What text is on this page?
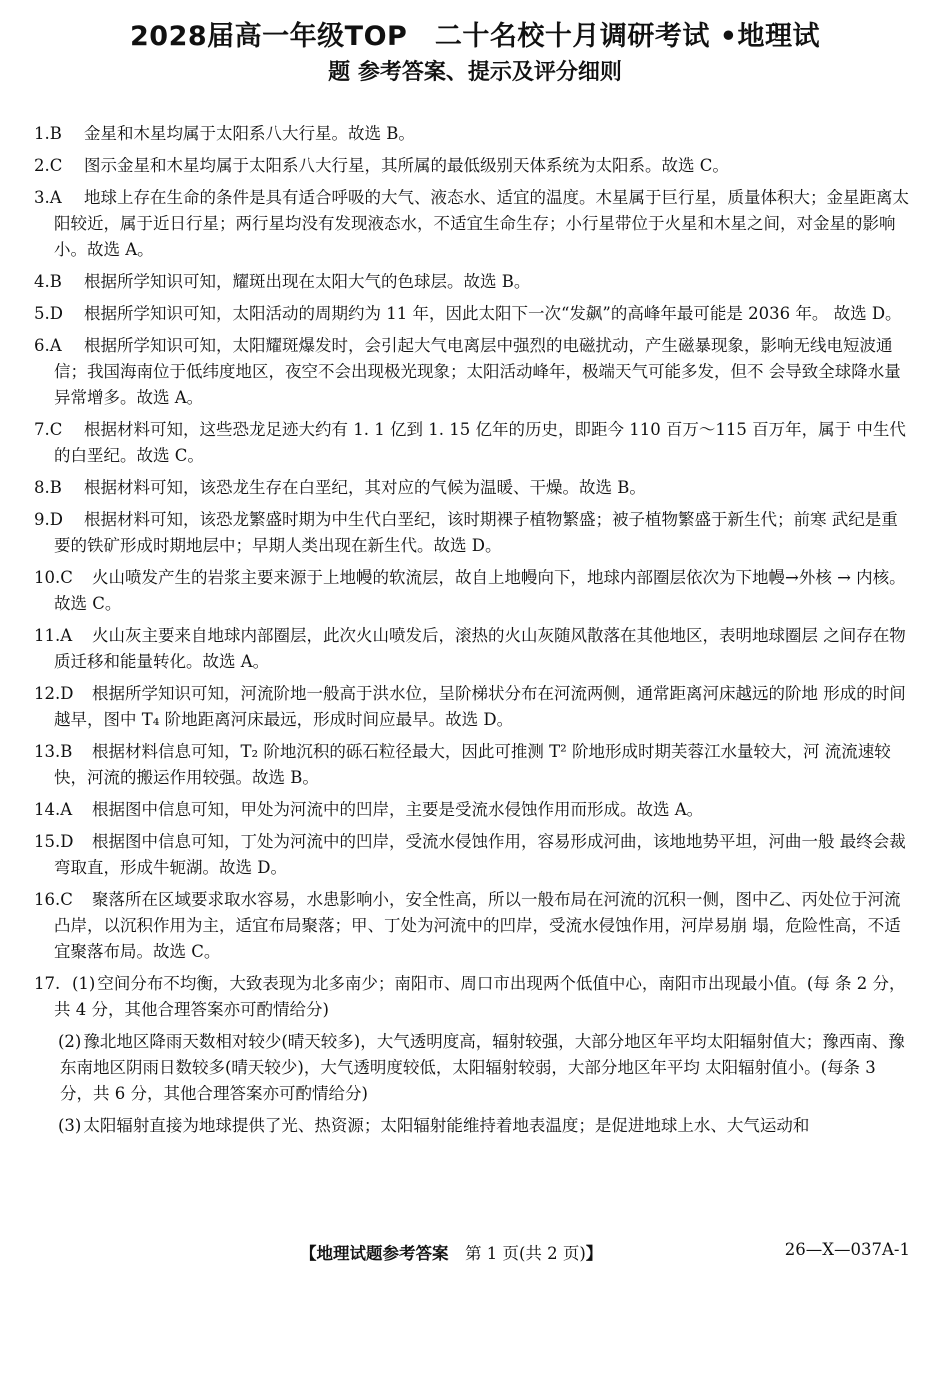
2028届高一年级TOP　二十名校十月调研考试 •地理试
题 参考答案、提示及评分细则
1.B 金星和木星均属于太阳系八大行星。故选 B。
2.C 图示金星和木星均属于太阳系八大行星，其所属的最低级别天体系统为太阳系。故选 C。
3.A 地球上存在生命的条件是具有适合呼吸的大气、液态水、适宜的温度。木星属于巨行星，质量体积大；金星距离太阳较近，属于近日行星；两行星均没有发现液态水，不适宜生命生存；小行星带位于火星和木星之间，对金星的影响小。故选 A。
4.B 根据所学知识可知，耀斑出现在太阳大气的色球层。故选 B。
5.D 根据所学知识可知，太阳活动的周期约为 11 年，因此太阳下一次“发飙”的高峰年最可能是 2036 年。 故选 D。
6.A 根据所学知识可知，太阳耀斑爆发时，会引起大气电离层中强烈的电磁扰动，产生磁暴现象，影响无线电短波通信；我国海南位于低纬度地区，夜空不会出现极光现象；太阳活动峰年，极端天气可能多发，但不 会导致全球降水量异常增多。故选 A。
7.C 根据材料可知，这些恐龙足迹大约有 1. 1 亿到 1. 15 亿年的历史，即距今 110 百万～115 百万年，属于 中生代的白垩纪。故选 C。
8.B 根据材料可知，该恐龙生存在白垩纪，其对应的气候为温暖、干燥。故选 B。
9.D 根据材料可知，该恐龙繁盛时期为中生代白垩纪，该时期裸子植物繁盛；被子植物繁盛于新生代；前寒 武纪是重要的铁矿形成时期地层中；早期人类出现在新生代。故选 D。
10.C 火山喷发产生的岩浆主要来源于上地幔的软流层，故自上地幔向下，地球内部圈层依次为下地幔→外核 → 内核。故选 C。
11.A 火山灰主要来自地球内部圈层，此次火山喷发后，滚热的火山灰随风散落在其他地区，表明地球圈层 之间存在物质迁移和能量转化。故选 A。
12.D 根据所学知识可知，河流阶地一般高于洪水位，呈阶梯状分布在河流两侧，通常距离河床越远的阶地 形成的时间越早，图中 T₄ 阶地距离河床最远，形成时间应最早。故选 D。
13.B 根据材料信息可知，T₂ 阶地沉积的砾石粒径最大，因此可推测 T² 阶地形成时期芙蓉江水量较大，河 流流速较快，河流的搬运作用较强。故选 B。
14.A 根据图中信息可知，甲处为河流中的凹岸，主要是受流水侵蚀作用而形成。故选 A。
15.D 根据图中信息可知，丁处为河流中的凹岸，受流水侵蚀作用，容易形成河曲，该地地势平坦，河曲一般 最终会裁弯取直，形成牛轭湖。故选 D。
16.C 聚落所在区域要求取水容易，水患影响小，安全性高，所以一般布局在河流的沉积一侧，图中乙、丙处位于河流凸岸，以沉积作用为主，适宜布局聚落；甲、丁处为河流中的凹岸，受流水侵蚀作用，河岸易崩 塌，危险性高，不适宜聚落布局。故选 C。
17. (1) 空间分布不均衡，大致表现为北多南少；南阳市、周口市出现两个低值中心，南阳市出现最小值。(每 条 2 分，共 4 分，其他合理答案亦可酌情给分)
(2) 豫北地区降雨天数相对较少(晴天较多)，大气透明度高，辐射较强，大部分地区年平均太阳辐射值大；豫西南、豫东南地区阴雨日数较多(晴天较少)，大气透明度较低，太阳辐射较弱，大部分地区年平均 太阳辐射值小。(每条 3 分，共 6 分，其他合理答案亦可酌情给分)
(3) 太阳辐射直接为地球提供了光、热资源；太阳辐射能维持着地表温度；是促进地球上水、大气运动和
【地理试题参考答案　 第 1 页(共 2 页)】	26—X—037A-1
